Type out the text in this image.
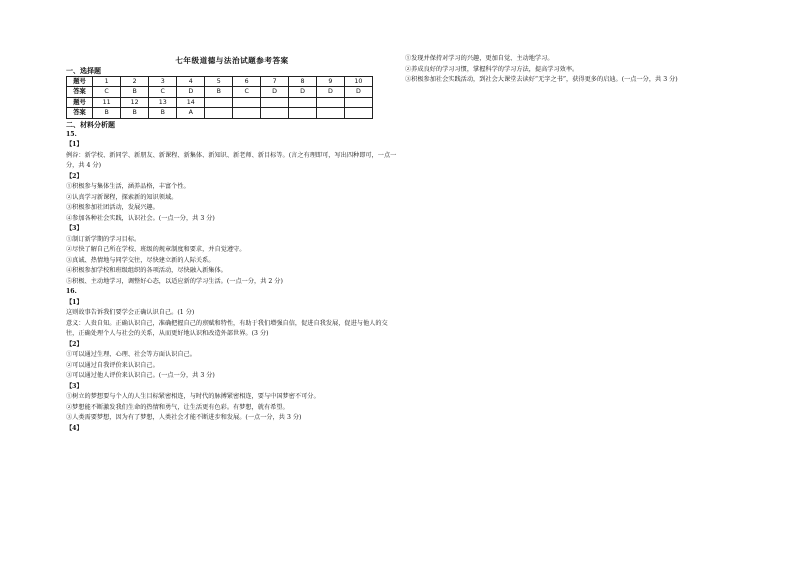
七年级道德与法治试题参考答案
一、选择题
题号	1	2	3	4	5	6	7	8	9	10
答案	C	B	C	D	B	C	D	D	D	D
题号	11	12	13	14						
答案	B	B	B	A						
二、材料分析题
15.
【1】
例谷：新学校、新同学、新朋友、新课程、新集体、新知识、新老师、新目标等。(言之有理即可，写出四种即可，一点一分，共 4 分)
【2】
①积极参与集体生活，涵养品格，丰富个性。
②认真学习新课程，探索新的知识领域。
③积极参加社团活动，发展兴趣。
④参加各种社会实践，认识社会。(一点一分，共 3 分)
【3】
①制订新学期的学习目标。
②尽快了解自己所在学校、班级的规章制度和要求，并自觉遵守。
③真诚、热情地与同学交往，尽快建立新的人际关系。
④积极参加学校和班级组织的各项活动，尽快融入新集体。
⑤积极、主动地学习，调整好心态，以适应新的学习生活。(一点一分，共 2 分)
16.
【1】
这则故事告诉我们要学会正确认识自己。(1 分)
意义：人贵自知。正确认识自己，准确把握自己的禀赋和特性，有助于我们增强自信，促进自我发展，促进与他人的交往，正确处理个人与社会的关系，从而更好地认识和改造外部世界。(3 分)
【2】
①可以通过生理、心理、社会等方面认识自己。
②可以通过自我评价来认识自己。
③可以通过他人评价来认识自己。(一点一分，共 3 分)
【3】
①树立的梦想要与个人的人生目标紧密相连，与时代的脉搏紧密相连，要与中国梦密不可分。
②梦想能不断激发我们生命的热情和勇气，让生活更有色彩。有梦想，就有希望。
③人类需要梦想，因为有了梦想，人类社会才能不断进步和发展。(一点一分，共 3 分)
【4】
①发现并保持对学习的兴趣，更加自觉、主动地学习。
②养成良好的学习习惯，掌握科学的学习方法，提高学习效率。
③积极参加社会实践活动，到社会大课堂去读好“无字之书”，获得更多的启迪。(一点一分，共 3 分)
